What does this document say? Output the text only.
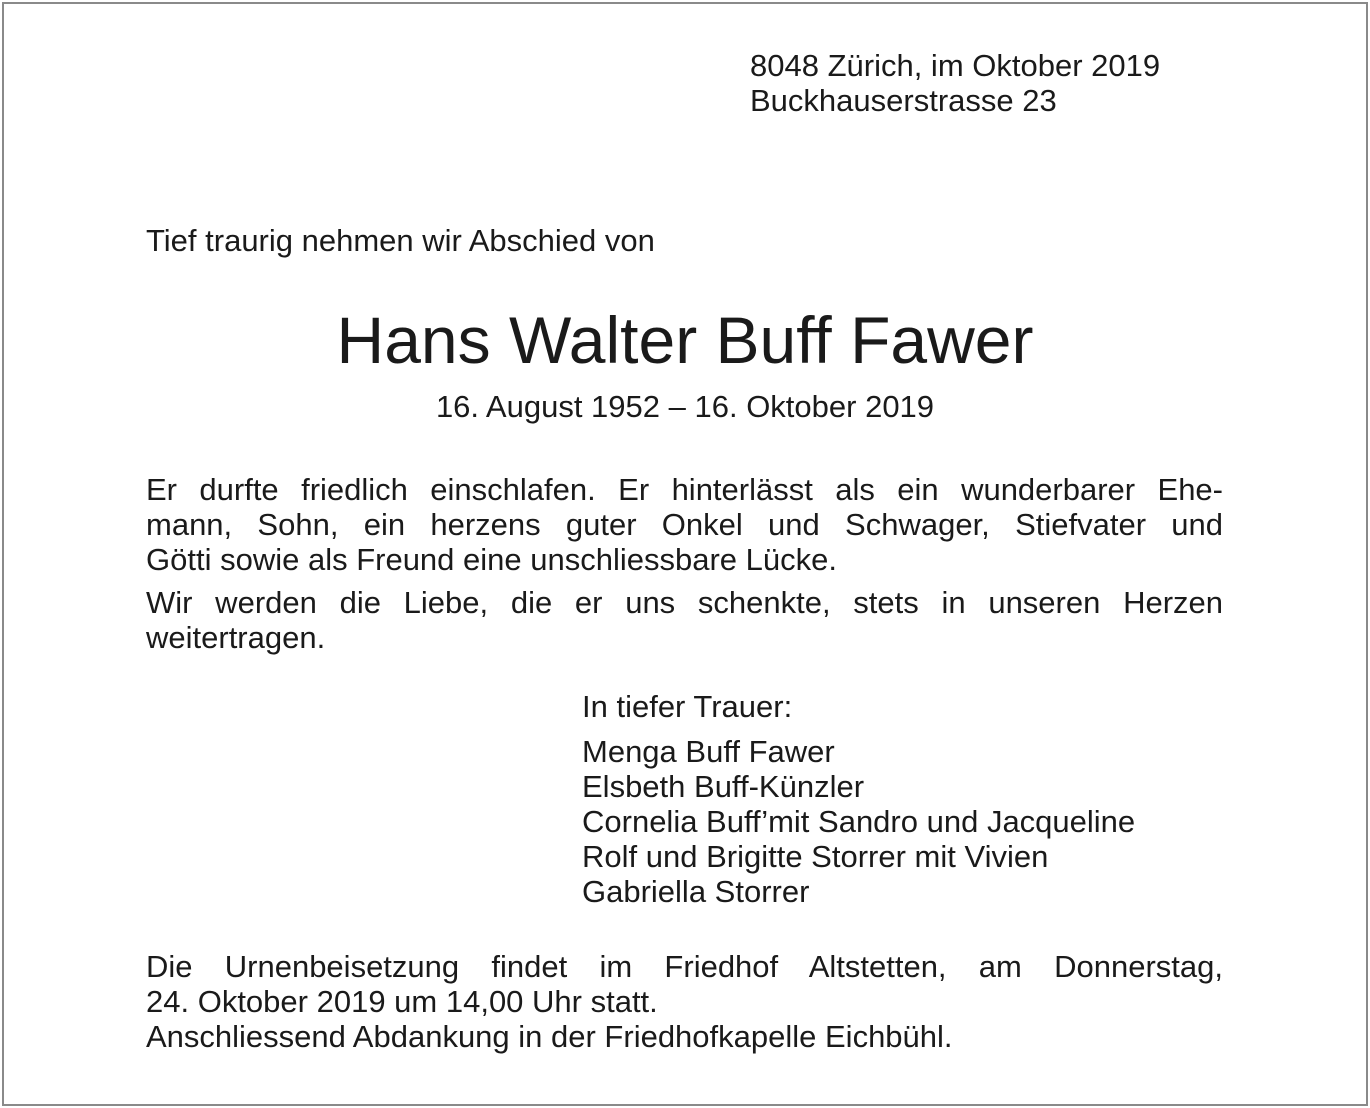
8048 Zürich, im Oktober 2019
Buckhauserstrasse 23

Tief traurig nehmen wir Abschied von

Hans Walter Buff Fawer

16. August 1952 – 16. Oktober 2019

Er durfte friedlich einschlafen. Er hinterlässt als ein wunderbarer Ehe-
mann, Sohn, ein herzens guter Onkel und Schwager, Stiefvater und
Götti sowie als Freund eine unschliessbare Lücke.
Wir werden die Liebe, die er uns schenkte, stets in unseren Herzen
weitertragen.

In tiefer Trauer:

Menga Buff Fawer
Elsbeth Buff-Künzler
Cornelia Buff’mit Sandro und Jacqueline
Rolf und Brigitte Storrer mit Vivien
Gabriella Storrer
Die Urnenbeisetzung findet im Friedhof Altstetten, am Donnerstag,
24. Oktober 2019 um 14,00 Uhr statt.
Anschliessend Abdankung in der Friedhofkapelle Eichbühl.
